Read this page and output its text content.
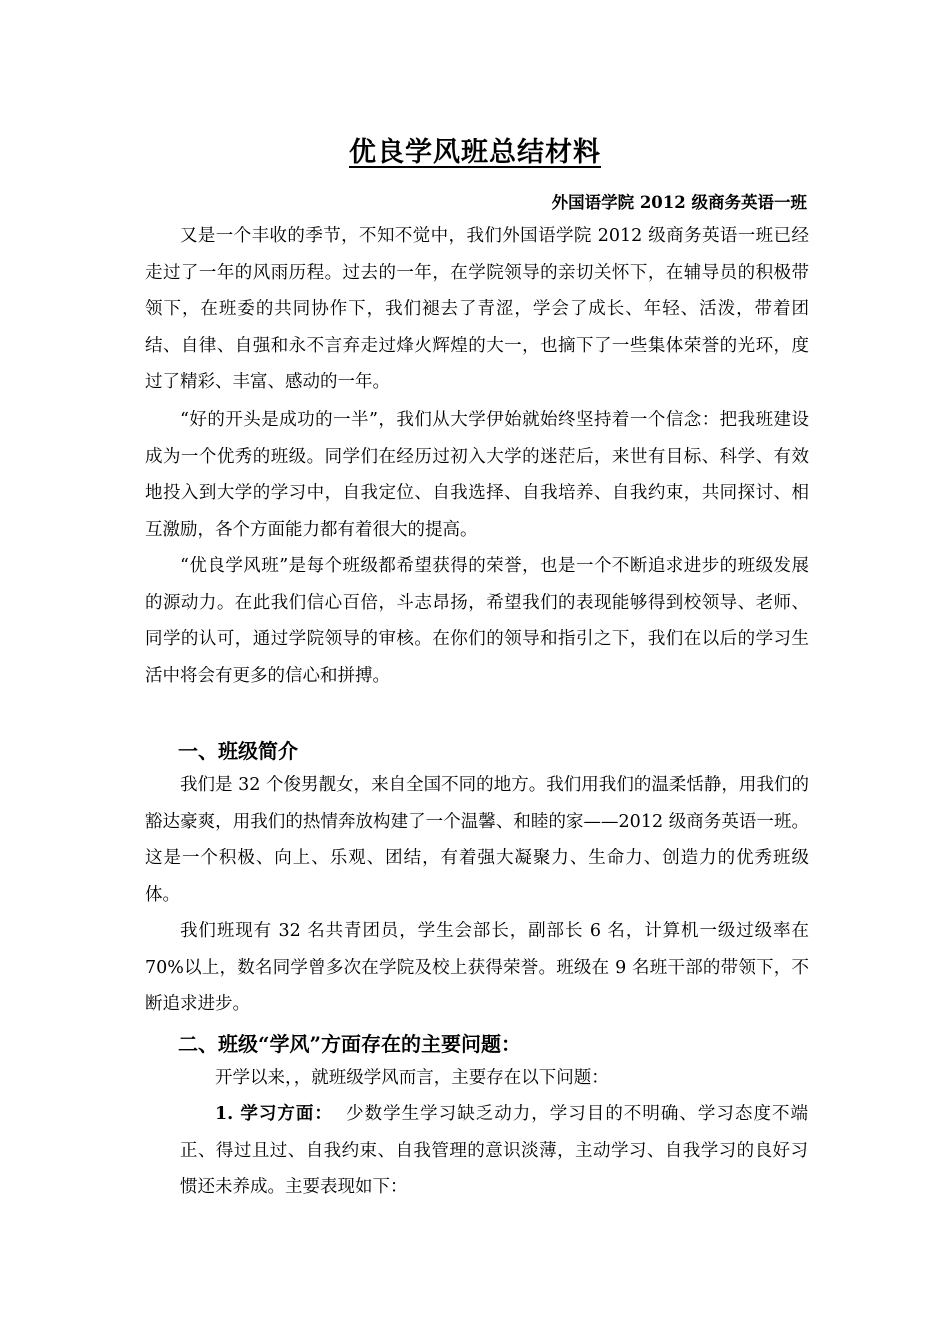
优良学风班总结材料
外国语学院 2012 级商务英语一班

又是一个丰收的季节，不知不觉中，我们外国语学院 2012 级商务英语一班已经走过了一年的风雨历程。过去的一年，在学院领导的亲切关怀下，在辅导员的积极带领下，在班委的共同协作下，我们褪去了青涩，学会了成长、年轻、活泼，带着团结、自律、自强和永不言弃走过烽火辉煌的大一，也摘下了一些集体荣誉的光环，度过了精彩、丰富、感动的一年。

“好的开头是成功的一半”，我们从大学伊始就始终坚持着一个信念：把我班建设成为一个优秀的班级。同学们在经历过初入大学的迷茫后，来世有目标、科学、有效地投入到大学的学习中，自我定位、自我选择、自我培养、自我约束，共同探讨、相互激励，各个方面能力都有着很大的提高。

“优良学风班”是每个班级都希望获得的荣誉，也是一个不断追求进步的班级发展的源动力。在此我们信心百倍，斗志昂扬，希望我们的表现能够得到校领导、老师、同学的认可，通过学院领导的审核。在你们的领导和指引之下，我们在以后的学习生活中将会有更多的信心和拼搏。

一、班级简介

我们是 32 个俊男靓女，来自全国不同的地方。我们用我们的温柔恬静，用我们的豁达豪爽，用我们的热情奔放构建了一个温馨、和睦的家——2012 级商务英语一班。这是一个积极、向上、乐观、团结，有着强大凝聚力、生命力、创造力的优秀班级体。

我们班现有 32 名共青团员，学生会部长，副部长 6 名，计算机一级过级率在 70%以上，数名同学曾多次在学院及校上获得荣誉。班级在 9 名班干部的带领下，不断追求进步。

二、班级“学风”方面存在的主要问题：

开学以来，，就班级学风而言，主要存在以下问题：

1. 学习方面： 少数学生学习缺乏动力，学习目的不明确、学习态度不端正、得过且过、自我约束、自我管理的意识淡薄，主动学习、自我学习的良好习惯还未养成。主要表现如下：
